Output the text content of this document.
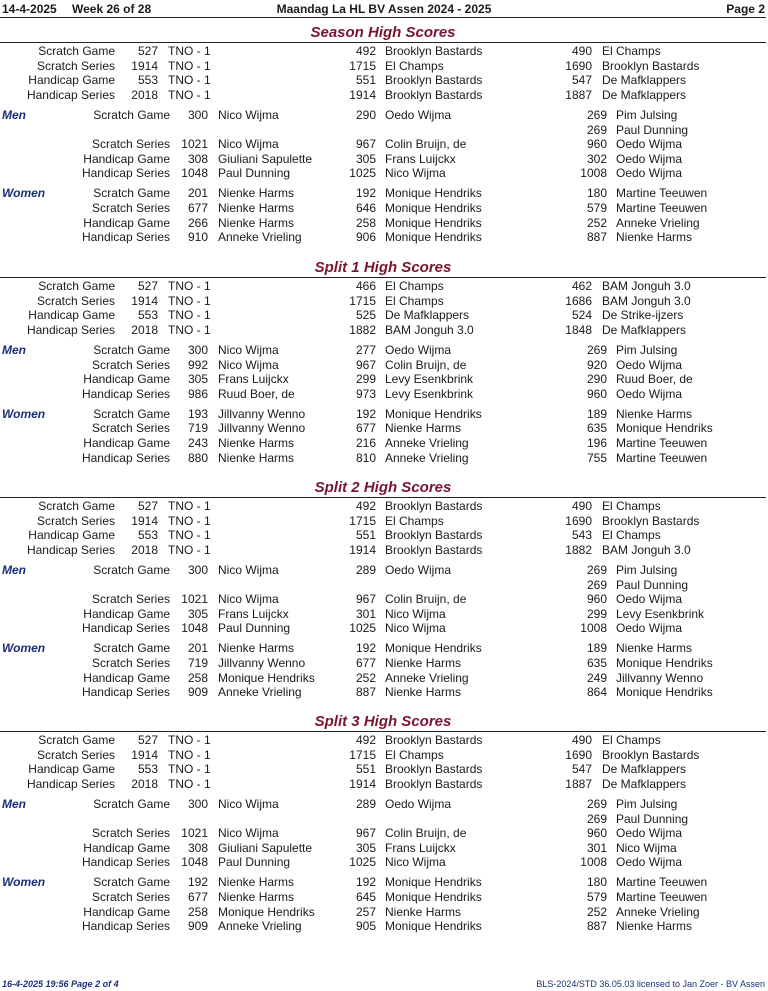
14-4-2025 Week 26 of 28	Maandag La HL BV Assen 2024 - 2025	Page 2
Season High Scores
Scratch Game	527 TNO - 1	492 Brooklyn Bastards	490 El Champs
Scratch Series	1914 TNO - 1	1715 El Champs	1690 Brooklyn Bastards
Handicap Game	553 TNO - 1	551 Brooklyn Bastards	547 De Mafklappers
Handicap Series	2018 TNO - 1	1914 Brooklyn Bastards	1887 De Mafklappers
Men	Scratch Game	300 Nico Wijma	290 Oedo Wijma	269 Pim Julsing
269 Paul Dunning
Scratch Series 1021 Nico Wijma	967 Colin Bruijn, de	960 Oedo Wijma
Handicap Game	308 Giuliani Sapulette	305 Frans Luijckx	302 Oedo Wijma
Handicap Series 1048 Paul Dunning	1025 Nico Wijma	1008 Oedo Wijma
Women	Scratch Game	201 Nienke Harms	192 Monique Hendriks	180 Martine Teeuwen
Scratch Series	677 Nienke Harms	646 Monique Hendriks	579 Martine Teeuwen
Handicap Game	266 Nienke Harms	258 Monique Hendriks	252 Anneke Vrieling
Handicap Series	910 Anneke Vrieling	906 Monique Hendriks	887 Nienke Harms
Split 1 High Scores
Scratch Game	527 TNO - 1	466 El Champs	462 BAM Jonguh 3.0
Scratch Series	1914 TNO - 1	1715 El Champs	1686 BAM Jonguh 3.0
Handicap Game	553 TNO - 1	525 De Mafklappers	524 De Strike-ijzers
Handicap Series	2018 TNO - 1	1882 BAM Jonguh 3.0	1848 De Mafklappers
Men	Scratch Game	300 Nico Wijma	277 Oedo Wijma	269 Pim Julsing
Scratch Series	992 Nico Wijma	967 Colin Bruijn, de	920 Oedo Wijma
Handicap Game	305 Frans Luijckx	299 Levy Esenkbrink	290 Ruud Boer, de
Handicap Series	986 Ruud Boer, de	973 Levy Esenkbrink	960 Oedo Wijma
Women	Scratch Game	193 Jillvanny Wenno	192 Monique Hendriks	189 Nienke Harms
Scratch Series	719 Jillvanny Wenno	677 Nienke Harms	635 Monique Hendriks
Handicap Game	243 Nienke Harms	216 Anneke Vrieling	196 Martine Teeuwen
Handicap Series	880 Nienke Harms	810 Anneke Vrieling	755 Martine Teeuwen
Split 2 High Scores
Scratch Game	527 TNO - 1	492 Brooklyn Bastards	490 El Champs
Scratch Series	1914 TNO - 1	1715 El Champs	1690 Brooklyn Bastards
Handicap Game	553 TNO - 1	551 Brooklyn Bastards	543 El Champs
Handicap Series	2018 TNO - 1	1914 Brooklyn Bastards	1882 BAM Jonguh 3.0
Men	Scratch Game	300 Nico Wijma	289 Oedo Wijma	269 Pim Julsing
269 Paul Dunning
Scratch Series 1021 Nico Wijma	967 Colin Bruijn, de	960 Oedo Wijma
Handicap Game	305 Frans Luijckx	301 Nico Wijma	299 Levy Esenkbrink
Handicap Series 1048 Paul Dunning	1025 Nico Wijma	1008 Oedo Wijma
Women	Scratch Game	201 Nienke Harms	192 Monique Hendriks	189 Nienke Harms
Scratch Series	719 Jillvanny Wenno	677 Nienke Harms	635 Monique Hendriks
Handicap Game	258 Monique Hendriks	252 Anneke Vrieling	249 Jillvanny Wenno
Handicap Series	909 Anneke Vrieling	887 Nienke Harms	864 Monique Hendriks
Split 3 High Scores
Scratch Game	527 TNO - 1	492 Brooklyn Bastards	490 El Champs
Scratch Series	1914 TNO - 1	1715 El Champs	1690 Brooklyn Bastards
Handicap Game	553 TNO - 1	551 Brooklyn Bastards	547 De Mafklappers
Handicap Series	2018 TNO - 1	1914 Brooklyn Bastards	1887 De Mafklappers
Men	Scratch Game	300 Nico Wijma	289 Oedo Wijma	269 Pim Julsing
269 Paul Dunning
Scratch Series 1021 Nico Wijma	967 Colin Bruijn, de	960 Oedo Wijma
Handicap Game	308 Giuliani Sapulette	305 Frans Luijckx	301 Nico Wijma
Handicap Series 1048 Paul Dunning	1025 Nico Wijma	1008 Oedo Wijma
Women	Scratch Game	192 Nienke Harms	192 Monique Hendriks	180 Martine Teeuwen
Scratch Series	677 Nienke Harms	645 Monique Hendriks	579 Martine Teeuwen
Handicap Game	258 Monique Hendriks	257 Nienke Harms	252 Anneke Vrieling
Handicap Series	909 Anneke Vrieling	905 Monique Hendriks	887 Nienke Harms
16-4-2025 19:56 Page 2 of 4	BLS-2024/STD 36.05.03 licensed to Jan Zoer - BV Assen
